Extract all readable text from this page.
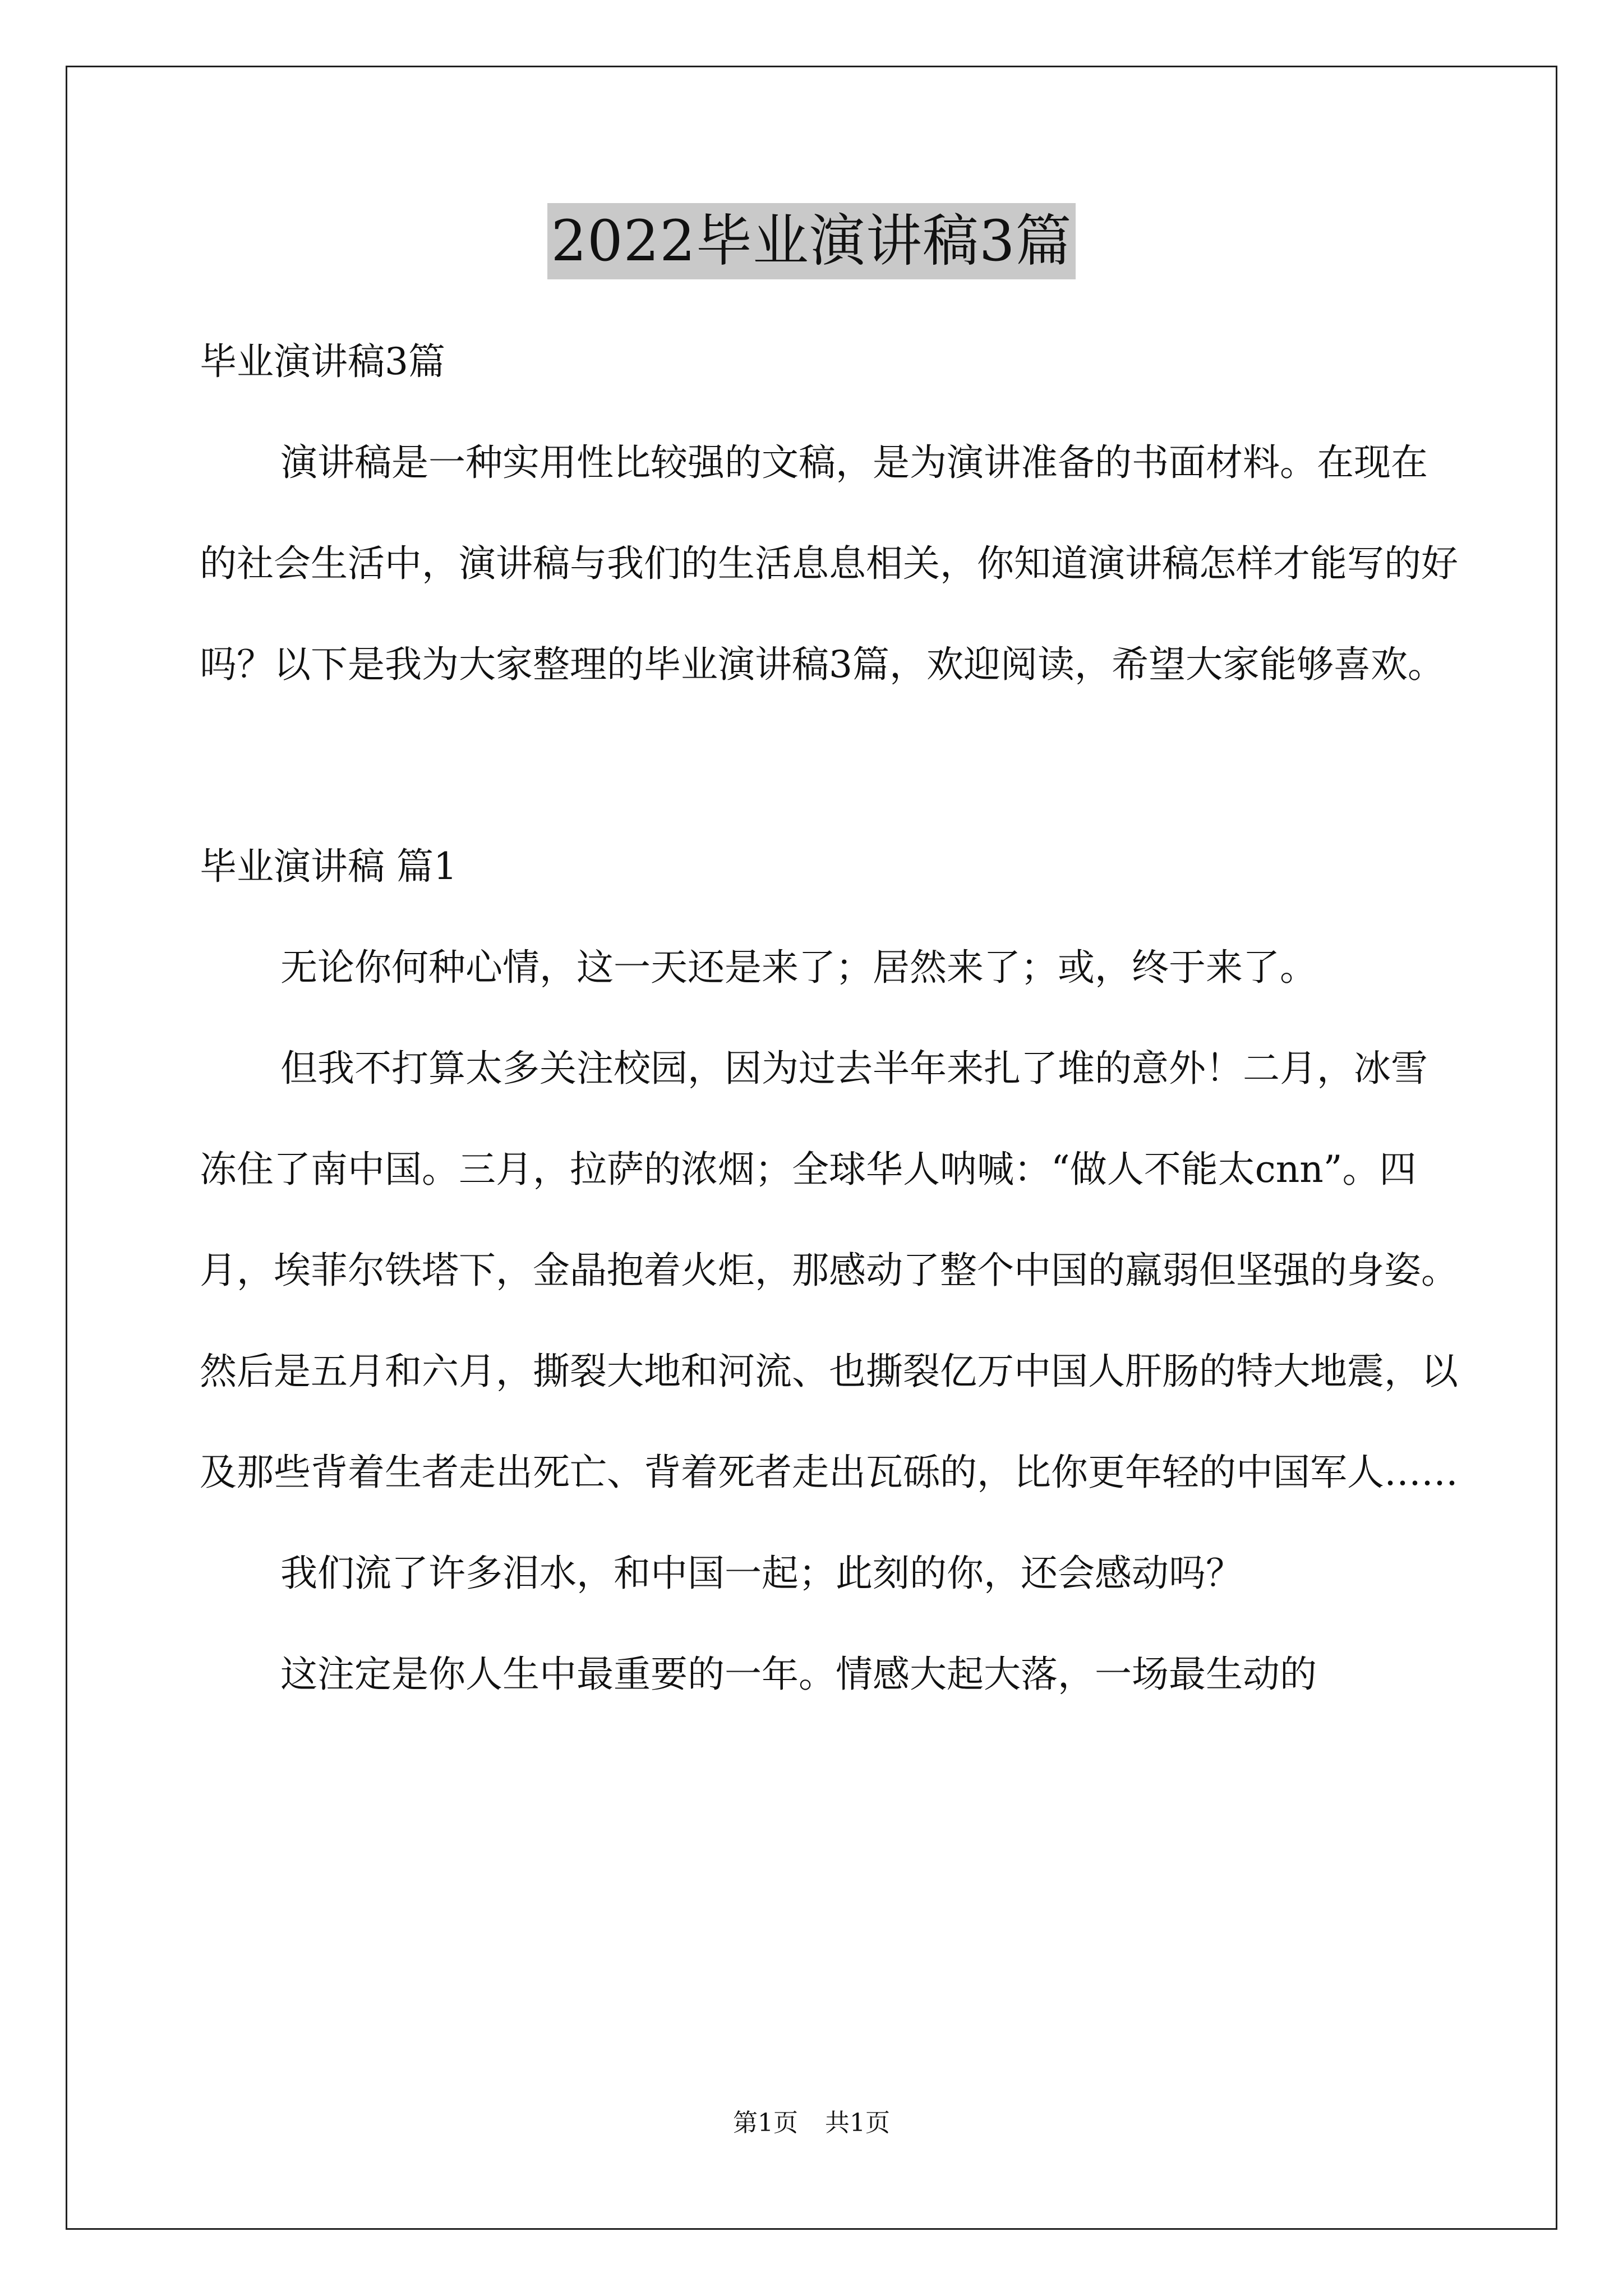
2022毕业演讲稿3篇

毕业演讲稿3篇

演讲稿是一种实用性比较强的文稿，是为演讲准备的书面材料。在现在的社会生活中，演讲稿与我们的生活息息相关，你知道演讲稿怎样才能写的好吗？以下是我为大家整理的毕业演讲稿3篇，欢迎阅读，希望大家能够喜欢。

毕业演讲稿 篇1

无论你何种心情，这一天还是来了；居然来了；或，终于来了。

但我不打算太多关注校园，因为过去半年来扎了堆的意外！二月，冰雪冻住了南中国。三月，拉萨的浓烟；全球华人呐喊：“做人不能太cnn”。四月，埃菲尔铁塔下，金晶抱着火炬，那感动了整个中国的羸弱但坚强的身姿。然后是五月和六月，撕裂大地和河流、也撕裂亿万中国人肝肠的特大地震，以及那些背着生者走出死亡、背着死者走出瓦砾的，比你更年轻的中国军人……

我们流了许多泪水，和中国一起；此刻的你，还会感动吗？

这注定是你人生中最重要的一年。情感大起大落，一场最生动的

第1页 共1页
